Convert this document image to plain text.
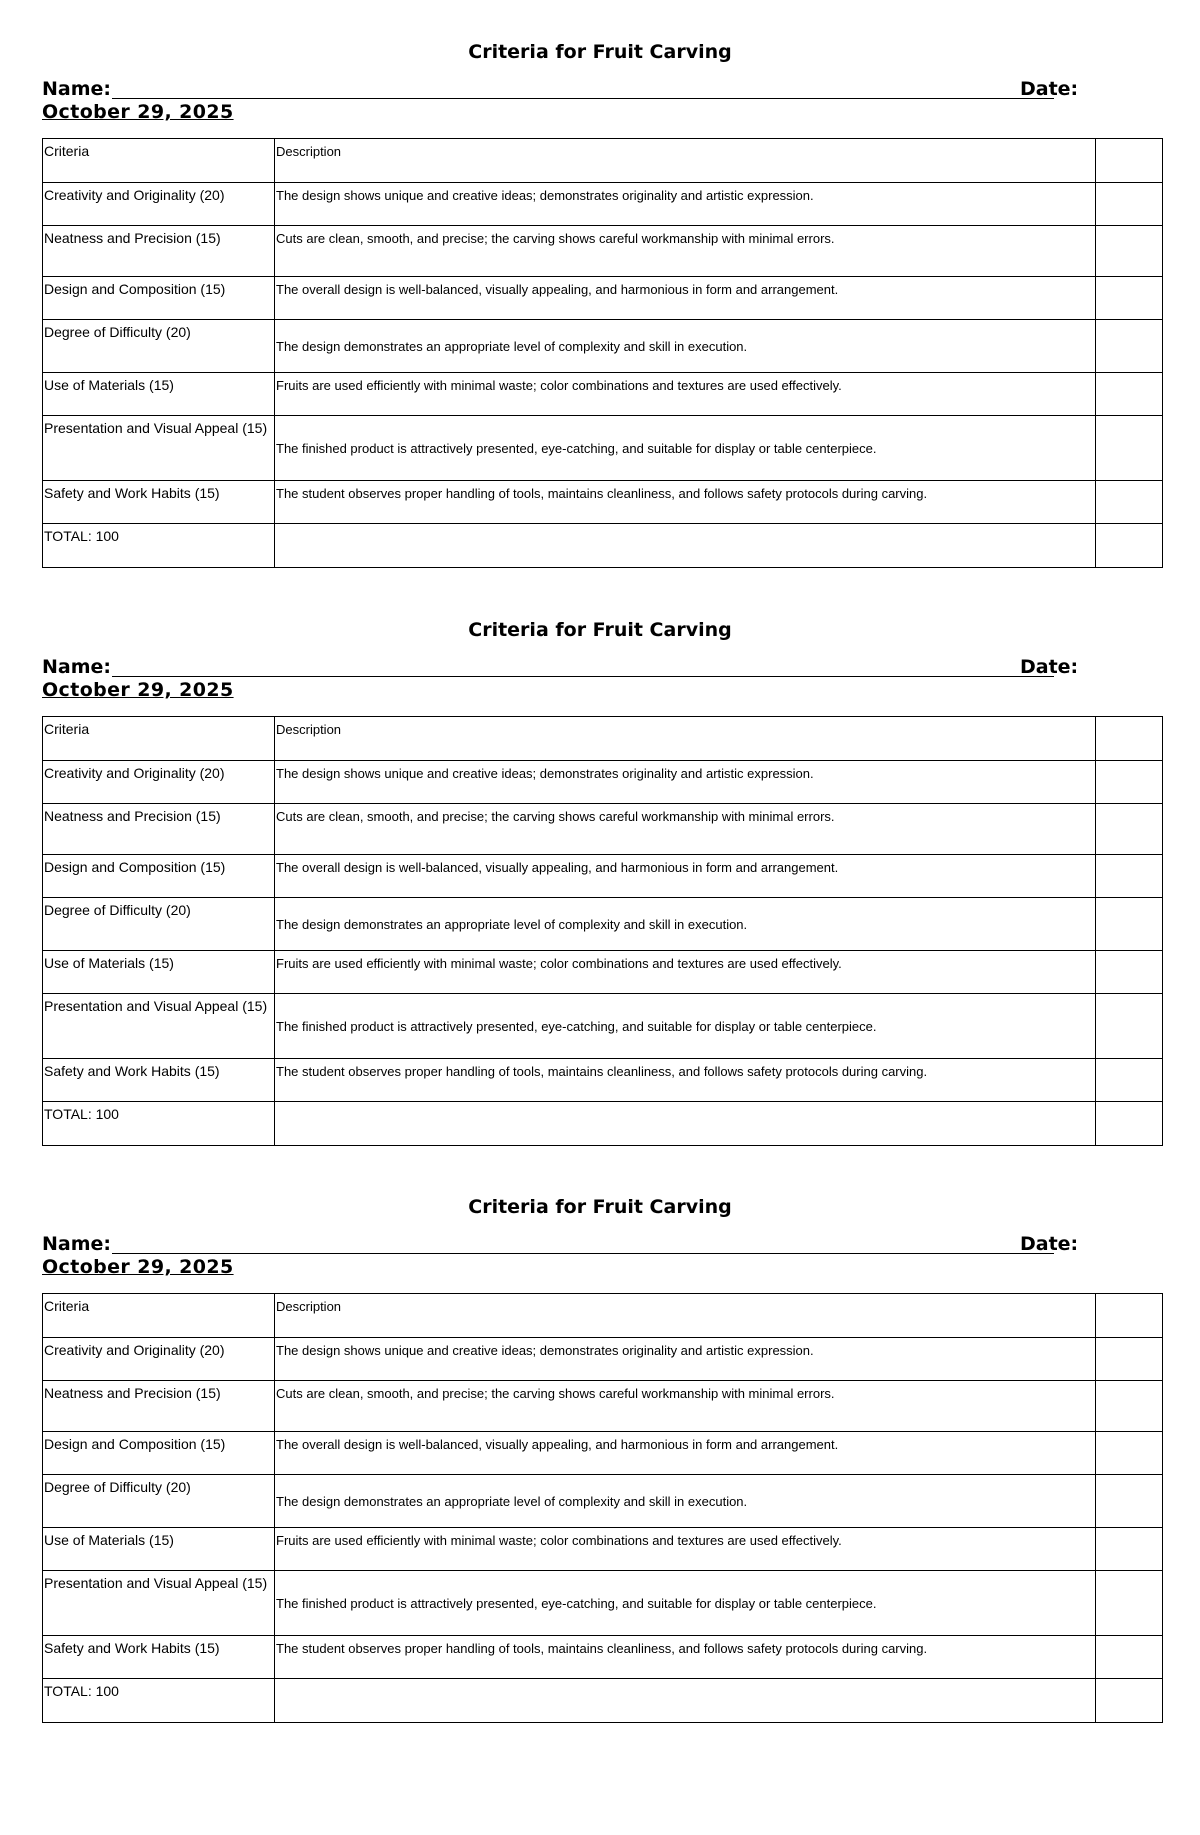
Criteria for Fruit Carving
Name:	Date:
October 29, 2025
Criteria	Description	
Creativity and Originality (20)	The design shows unique and creative ideas; demonstrates originality and artistic expression.	
Neatness and Precision (15)	Cuts are clean, smooth, and precise; the carving shows careful workmanship with minimal errors.	
Design and Composition (15)	The overall design is well-balanced, visually appealing, and harmonious in form and arrangement.	
Degree of Difficulty (20)	The design demonstrates an appropriate level of complexity and skill in execution.	
Use of Materials (15)	Fruits are used efficiently with minimal waste; color combinations and textures are used effectively.	
Presentation and Visual Appeal (15)	The finished product is attractively presented, eye-catching, and suitable for display or table centerpiece.	
Safety and Work Habits (15)	The student observes proper handling of tools, maintains cleanliness, and follows safety protocols during carving.	
TOTAL: 100		
Criteria for Fruit Carving
Name:	Date:
October 29, 2025
Criteria	Description	
Creativity and Originality (20)	The design shows unique and creative ideas; demonstrates originality and artistic expression.	
Neatness and Precision (15)	Cuts are clean, smooth, and precise; the carving shows careful workmanship with minimal errors.	
Design and Composition (15)	The overall design is well-balanced, visually appealing, and harmonious in form and arrangement.	
Degree of Difficulty (20)	The design demonstrates an appropriate level of complexity and skill in execution.	
Use of Materials (15)	Fruits are used efficiently with minimal waste; color combinations and textures are used effectively.	
Presentation and Visual Appeal (15)	The finished product is attractively presented, eye-catching, and suitable for display or table centerpiece.	
Safety and Work Habits (15)	The student observes proper handling of tools, maintains cleanliness, and follows safety protocols during carving.	
TOTAL: 100		
Criteria for Fruit Carving
Name:	Date:
October 29, 2025
Criteria	Description	
Creativity and Originality (20)	The design shows unique and creative ideas; demonstrates originality and artistic expression.	
Neatness and Precision (15)	Cuts are clean, smooth, and precise; the carving shows careful workmanship with minimal errors.	
Design and Composition (15)	The overall design is well-balanced, visually appealing, and harmonious in form and arrangement.	
Degree of Difficulty (20)	The design demonstrates an appropriate level of complexity and skill in execution.	
Use of Materials (15)	Fruits are used efficiently with minimal waste; color combinations and textures are used effectively.	
Presentation and Visual Appeal (15)	The finished product is attractively presented, eye-catching, and suitable for display or table centerpiece.	
Safety and Work Habits (15)	The student observes proper handling of tools, maintains cleanliness, and follows safety protocols during carving.	
TOTAL: 100		
